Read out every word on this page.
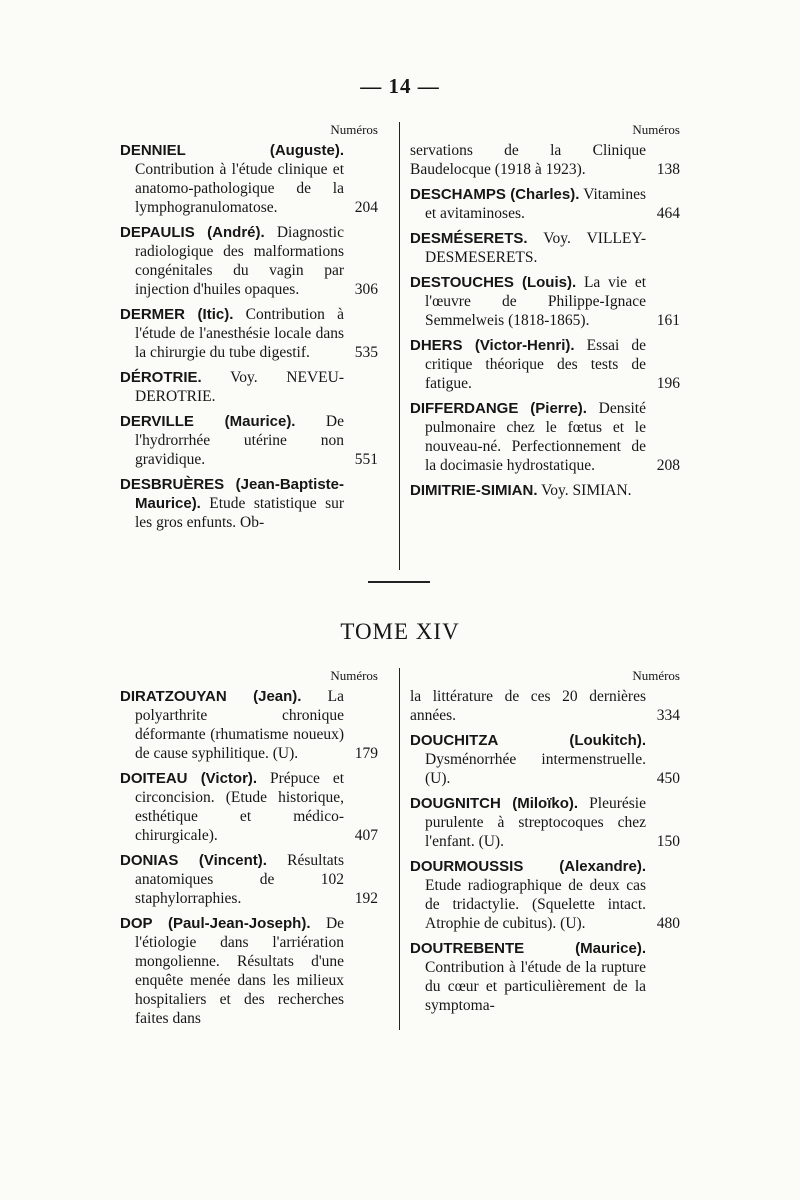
— 14 —
Numéros
DENNIEL (Auguste). Contribution à l'étude clinique et anatomo-pathologique de la lymphogranulomatose.	204
DEPAULIS (André). Diagnostic radiologique des malformations congénitales du vagin par injection d'huiles opaques.	306
DERMER (Itic). Contribution à l'étude de l'anesthésie locale dans la chirurgie du tube digestif.	535
DÉROTRIE. Voy. NEVEU-DEROTRIE.
DERVILLE (Maurice). De l'hydrorrhée utérine non gravidique.	551
DESBRUÈRES (Jean-Baptiste-Maurice). Etude statistique sur les gros enfunts. Ob-
Numéros
servations de la Clinique Baudelocque (1918 à 1923).	138
DESCHAMPS (Charles). Vitamines et avitaminoses.	464
DESMÉSERETS. Voy. VILLEY-DESMESERETS.
DESTOUCHES (Louis). La vie et l'œuvre de Philippe-Ignace Semmelweis (1818-1865).	161
DHERS (Victor-Henri). Essai de critique théorique des tests de fatigue.	196
DIFFERDANGE (Pierre). Densité pulmonaire chez le fœtus et le nouveau-né. Perfectionnement de la docimasie hydrostatique.	208
DIMITRIE-SIMIAN. Voy. SIMIAN.
TOME XIV
Numéros
DIRATZOUYAN (Jean). La polyarthrite chronique déformante (rhumatisme noueux) de cause syphilitique. (U).	179
DOITEAU (Victor). Prépuce et circoncision. (Etude historique, esthétique et médico-chirurgicale).	407
DONIAS (Vincent). Résultats anatomiques de 102 staphylorraphies.	192
DOP (Paul-Jean-Joseph). De l'étiologie dans l'arriération mongolienne. Résultats d'une enquête menée dans les milieux hospitaliers et des recherches faites dans
Numéros
la littérature de ces 20 dernières années.	334
DOUCHITZA (Loukitch). Dysménorrhée intermenstruelle. (U).	450
DOUGNITCH (Miloïko). Pleurésie purulente à streptocoques chez l'enfant. (U).	150
DOURMOUSSIS (Alexandre). Etude radiographique de deux cas de tridactylie. (Squelette intact. Atrophie de cubitus). (U).	480
DOUTREBENTE (Maurice). Contribution à l'étude de la rupture du cœur et particulièrement de la symptoma-
